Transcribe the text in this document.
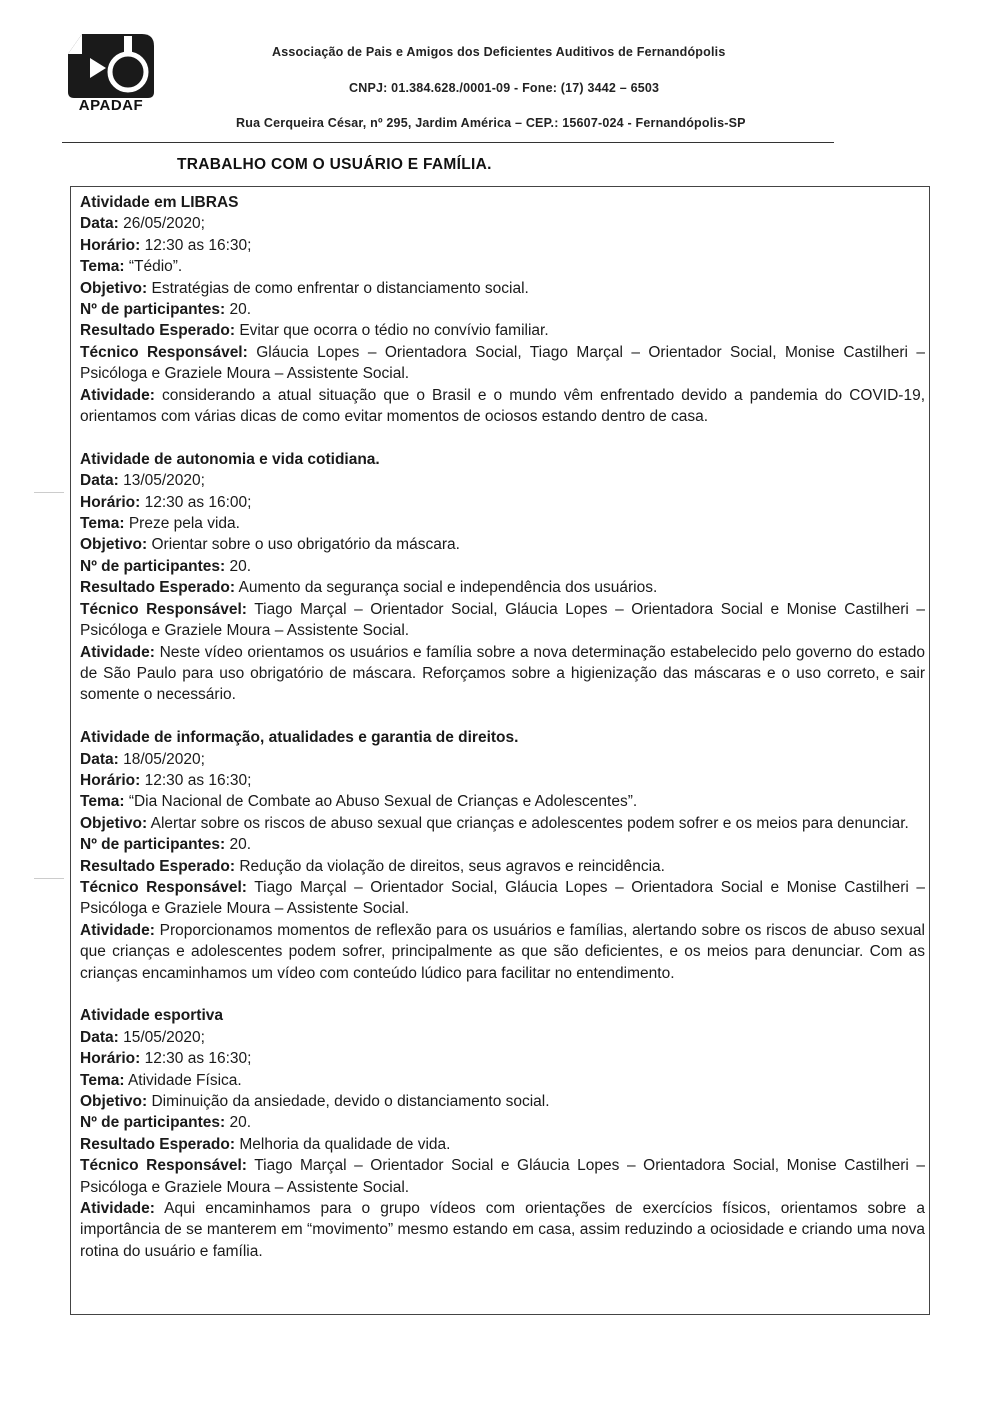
APADAF
Associação de Pais e Amigos dos Deficientes Auditivos de Fernandópolis
CNPJ: 01.384.628./0001-09 - Fone: (17) 3442 – 6503
Rua Cerqueira César, nº 295, Jardim América – CEP.: 15607-024 - Fernandópolis-SP
TRABALHO COM O USUÁRIO E FAMÍLIA.
Atividade em LIBRAS
Data: 26/05/2020;
Horário: 12:30 as 16:30;
Tema: “Tédio”.
Objetivo: Estratégias de como enfrentar o distanciamento social.
Nº de participantes: 20.
Resultado Esperado: Evitar que ocorra o tédio no convívio familiar.
Técnico Responsável: Gláucia Lopes – Orientadora Social, Tiago Marçal – Orientador Social, Monise Castilheri – Psicóloga e Graziele Moura – Assistente Social.
Atividade: considerando a atual situação que o Brasil e o mundo vêm enfrentado devido a pandemia do COVID-19, orientamos com várias dicas de como evitar momentos de ociosos estando dentro de casa.
Atividade de autonomia e vida cotidiana.
Data: 13/05/2020;
Horário: 12:30 as 16:00;
Tema: Preze pela vida.
Objetivo: Orientar sobre o uso obrigatório da máscara.
Nº de participantes: 20.
Resultado Esperado: Aumento da segurança social e independência dos usuários.
Técnico Responsável: Tiago Marçal – Orientador Social, Gláucia Lopes – Orientadora Social e Monise Castilheri – Psicóloga e Graziele Moura – Assistente Social.
Atividade: Neste vídeo orientamos os usuários e família sobre a nova determinação estabelecido pelo governo do estado de São Paulo para uso obrigatório de máscara. Reforçamos sobre a higienização das máscaras e o uso correto, e sair somente o necessário.
Atividade de informação, atualidades e garantia de direitos.
Data: 18/05/2020;
Horário: 12:30 as 16:30;
Tema: “Dia Nacional de Combate ao Abuso Sexual de Crianças e Adolescentes”.
Objetivo: Alertar sobre os riscos de abuso sexual que crianças e adolescentes podem sofrer e os meios para denunciar.
Nº de participantes: 20.
Resultado Esperado: Redução da violação de direitos, seus agravos e reincidência.
Técnico Responsável: Tiago Marçal – Orientador Social, Gláucia Lopes – Orientadora Social e Monise Castilheri – Psicóloga e Graziele Moura – Assistente Social.
Atividade: Proporcionamos momentos de reflexão para os usuários e famílias, alertando sobre os riscos de abuso sexual que crianças e adolescentes podem sofrer, principalmente as que são deficientes, e os meios para denunciar. Com as crianças encaminhamos um vídeo com conteúdo lúdico para facilitar no entendimento.
Atividade esportiva
Data: 15/05/2020;
Horário: 12:30 as 16:30;
Tema: Atividade Física.
Objetivo: Diminuição da ansiedade, devido o distanciamento social.
Nº de participantes: 20.
Resultado Esperado: Melhoria da qualidade de vida.
Técnico Responsável: Tiago Marçal – Orientador Social e Gláucia Lopes – Orientadora Social, Monise Castilheri – Psicóloga e Graziele Moura – Assistente Social.
Atividade: Aqui encaminhamos para o grupo vídeos com orientações de exercícios físicos, orientamos sobre a importância de se manterem em “movimento” mesmo estando em casa, assim reduzindo a ociosidade e criando uma nova rotina do usuário e família.
